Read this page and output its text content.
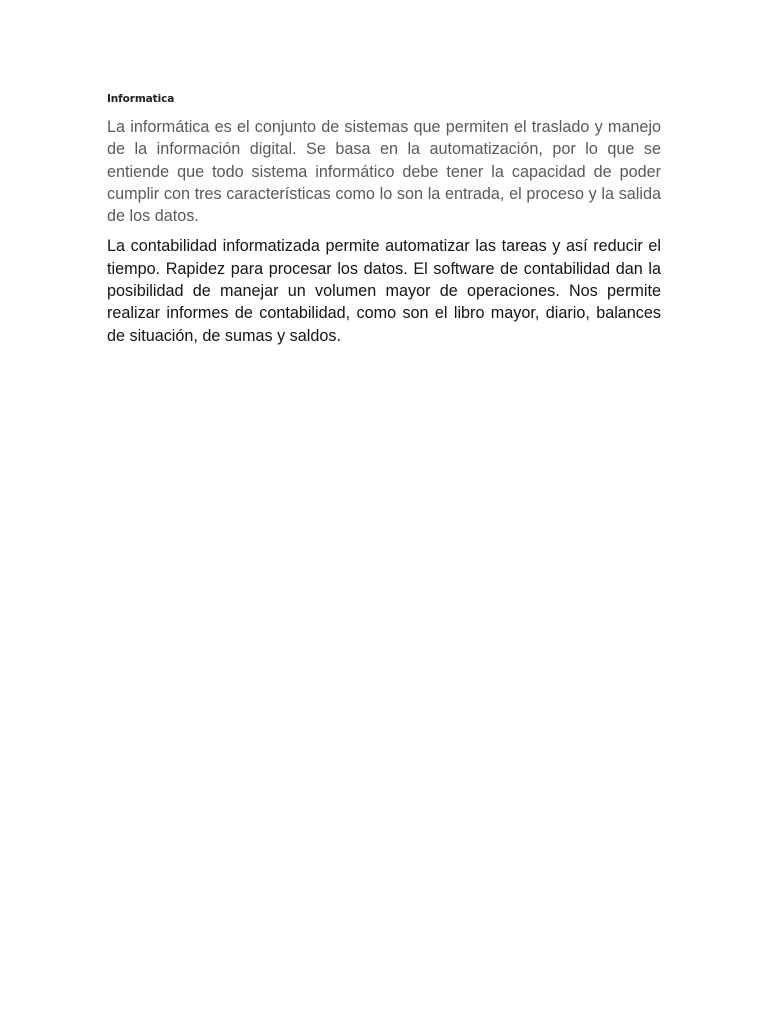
Informatica

La informática es el conjunto de sistemas que permiten el traslado y manejo de la información digital. Se basa en la automatización, por lo que se entiende que todo sistema informático debe tener la capacidad de poder cumplir con tres características como lo son la entrada, el proceso y la salida de los datos.

La contabilidad informatizada permite automatizar las tareas y así reducir el tiempo. Rapidez para procesar los datos. El software de contabilidad dan la posibilidad de manejar un volumen mayor de operaciones. Nos permite realizar informes de contabilidad, como son el libro mayor, diario, balances de situación, de sumas y saldos.
